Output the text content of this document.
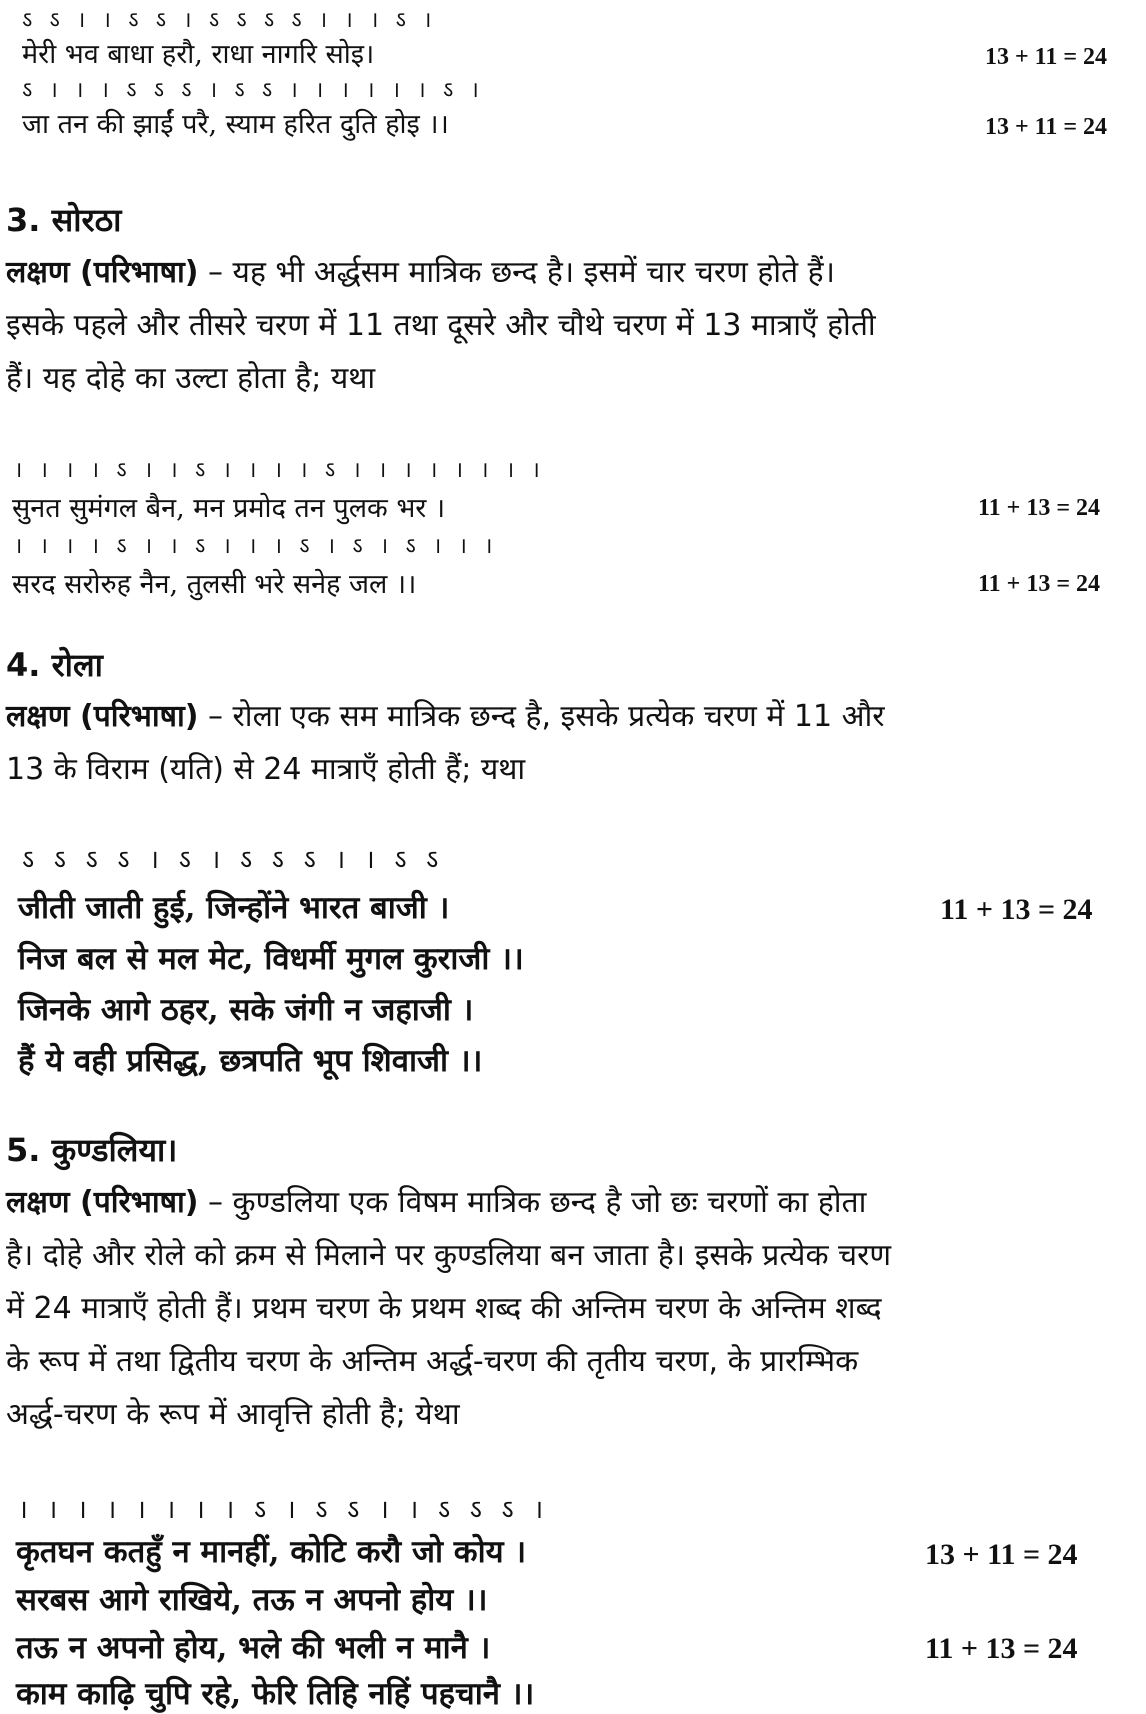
ऽ ऽ । । ऽ ऽ । ऽ ऽ ऽ ऽ । । । ऽ ।
मेरी भव बाधा हरौ, राधा नागरि सोइ।	13 + 11 = 24
ऽ । । । ऽ ऽ ऽ । ऽ ऽ । । । । । । ऽ ।
जा तन की झाईं परै, स्याम हरित दुति होइ ।।	13 + 11 = 24
3. सोरठा
लक्षण (परिभाषा) – यह भी अर्द्धसम मात्रिक छन्द है। इसमें चार चरण होते हैं।
इसके पहले और तीसरे चरण में 11 तथा दूसरे और चौथे चरण में 13 मात्राएँ होती
हैं। यह दोहे का उल्टा होता है; यथा
। । । । ऽ । । ऽ । । । । ऽ । । । । । । । ।
सुनत सुमंगल बैन, मन प्रमोद तन पुलक भर ।	11 + 13 = 24
। । । । ऽ । । ऽ । । । ऽ । ऽ । ऽ । । ।
सरद सरोरुह नैन, तुलसी भरे सनेह जल ।।	11 + 13 = 24
4. रोला
लक्षण (परिभाषा) – रोला एक सम मात्रिक छन्द है, इसके प्रत्येक चरण में 11 और
13 के विराम (यति) से 24 मात्राएँ होती हैं; यथा
ऽ ऽ ऽ ऽ । ऽ । ऽ ऽ ऽ । । ऽ ऽ
जीती जाती हुई, जिन्होंने भारत बाजी ।	11 + 13 = 24
निज बल से मल मेट, विधर्मी मुगल कुराजी ।।
जिनके आगे ठहर, सके जंगी न जहाजी ।
हैं ये वही प्रसिद्ध, छत्रपति भूप शिवाजी ।।
5. कुण्डलिया।
लक्षण (परिभाषा) – कुण्डलिया एक विषम मात्रिक छन्द है जो छः चरणों का होता
है। दोहे और रोले को क्रम से मिलाने पर कुण्डलिया बन जाता है। इसके प्रत्येक चरण
में 24 मात्राएँ होती हैं। प्रथम चरण के प्रथम शब्द की अन्तिम चरण के अन्तिम शब्द
के रूप में तथा द्वितीय चरण के अन्तिम अर्द्ध-चरण की तृतीय चरण, के प्रारम्भिक
अर्द्ध-चरण के रूप में आवृत्ति होती है; येथा
। । । । । । । । ऽ । ऽ ऽ । । ऽ ऽ ऽ ।
कृतघन कतहुँ न मानहीं, कोटि करौ जो कोय ।	13 + 11 = 24
सरबस आगे राखिये, तऊ न अपनो होय ।।
तऊ न अपनो होय, भले की भली न मानै ।	11 + 13 = 24
काम काढ़ि चुपि रहे, फेरि तिहि नहिं पहचानै ।।
